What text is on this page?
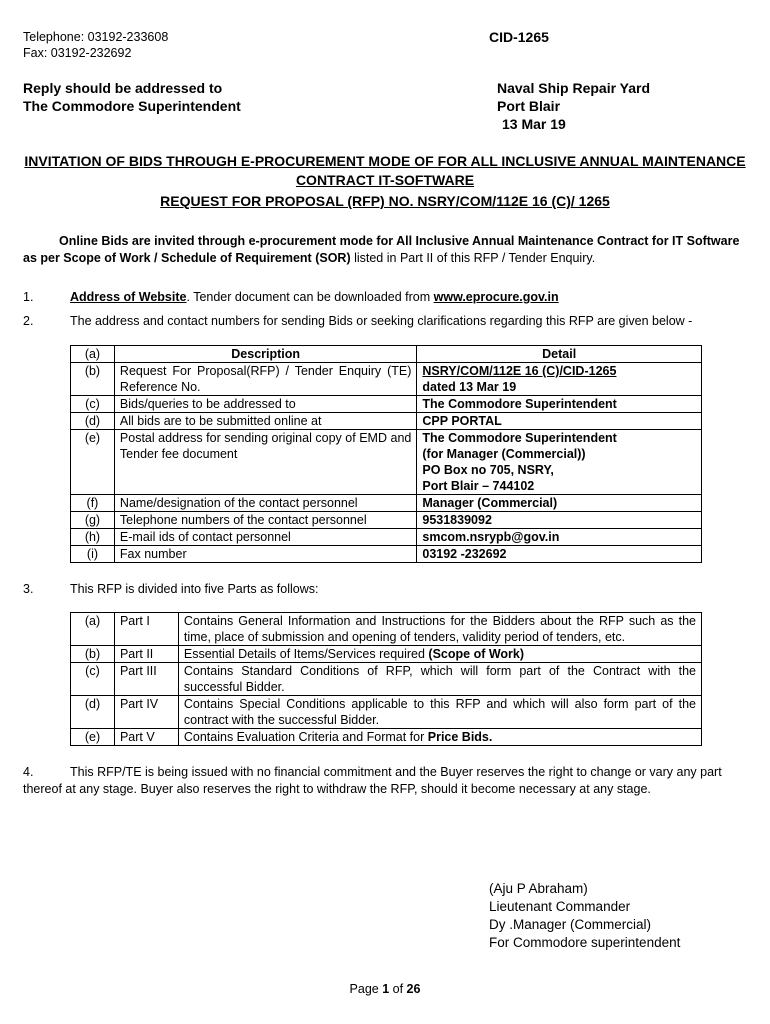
Telephone: 03192-233608
Fax: 03192-232692
CID-1265
Reply should be addressed to
The Commodore Superintendent
Naval Ship Repair Yard
Port Blair
13 Mar 19
INVITATION OF BIDS THROUGH E-PROCUREMENT MODE OF FOR ALL INCLUSIVE ANNUAL MAINTENANCE
CONTRACT IT-SOFTWARE
REQUEST FOR PROPOSAL (RFP) NO. NSRY/COM/112E 16 (C)/ 1265

Online Bids are invited through e-procurement mode for All Inclusive Annual Maintenance Contract for IT Software as per Scope of Work / Schedule of Requirement (SOR) listed in Part II of this RFP / Tender Enquiry.

1.	Address of Website. Tender document can be downloaded from www.eprocure.gov.in
2.	The address and contact numbers for sending Bids or seeking clarifications regarding this RFP are given below -
(a)	Description	Detail
(b)	Request For Proposal(RFP) / Tender Enquiry (TE) Reference No.	NSRY/COM/112E 16 (C)/CID-1265
dated 13 Mar 19

(c)	Bids/queries to be addressed to	The Commodore Superintendent

(d)	All bids are to be submitted online at	CPP PORTAL

(e)	Postal address for sending original copy of EMD and Tender fee document	The Commodore Superintendent
(for Manager (Commercial))
PO Box no 705, NSRY,
Port Blair – 744102

(f)	Name/designation of the contact personnel	Manager (Commercial)

(g)	Telephone numbers of the contact personnel	9531839092

(h)	E-mail ids of contact personnel	smcom.nsrypb@gov.in

(i)	Fax number	03192 -232692
3.	This RFP is divided into five Parts as follows:
(a)	Part I	Contains General Information and Instructions for the Bidders about the RFP such as the time, place of submission and opening of tenders, validity period of tenders, etc.
(b)	Part II	Essential Details of Items/Services required (Scope of Work)
(c)	Part III	Contains Standard Conditions of RFP, which will form part of the Contract with the successful Bidder.
(d)	Part IV	Contains Special Conditions applicable to this RFP and which will also form part of the contract with the successful Bidder.
(e)	Part V	Contains Evaluation Criteria and Format for Price Bids.

4.	This RFP/TE is being issued with no financial commitment and the Buyer reserves the right to change or vary any part thereof at any stage. Buyer also reserves the right to withdraw the RFP, should it become necessary at any stage.

(Aju P Abraham)
Lieutenant Commander
Dy .Manager (Commercial)
For Commodore superintendent
Page 1 of 26
